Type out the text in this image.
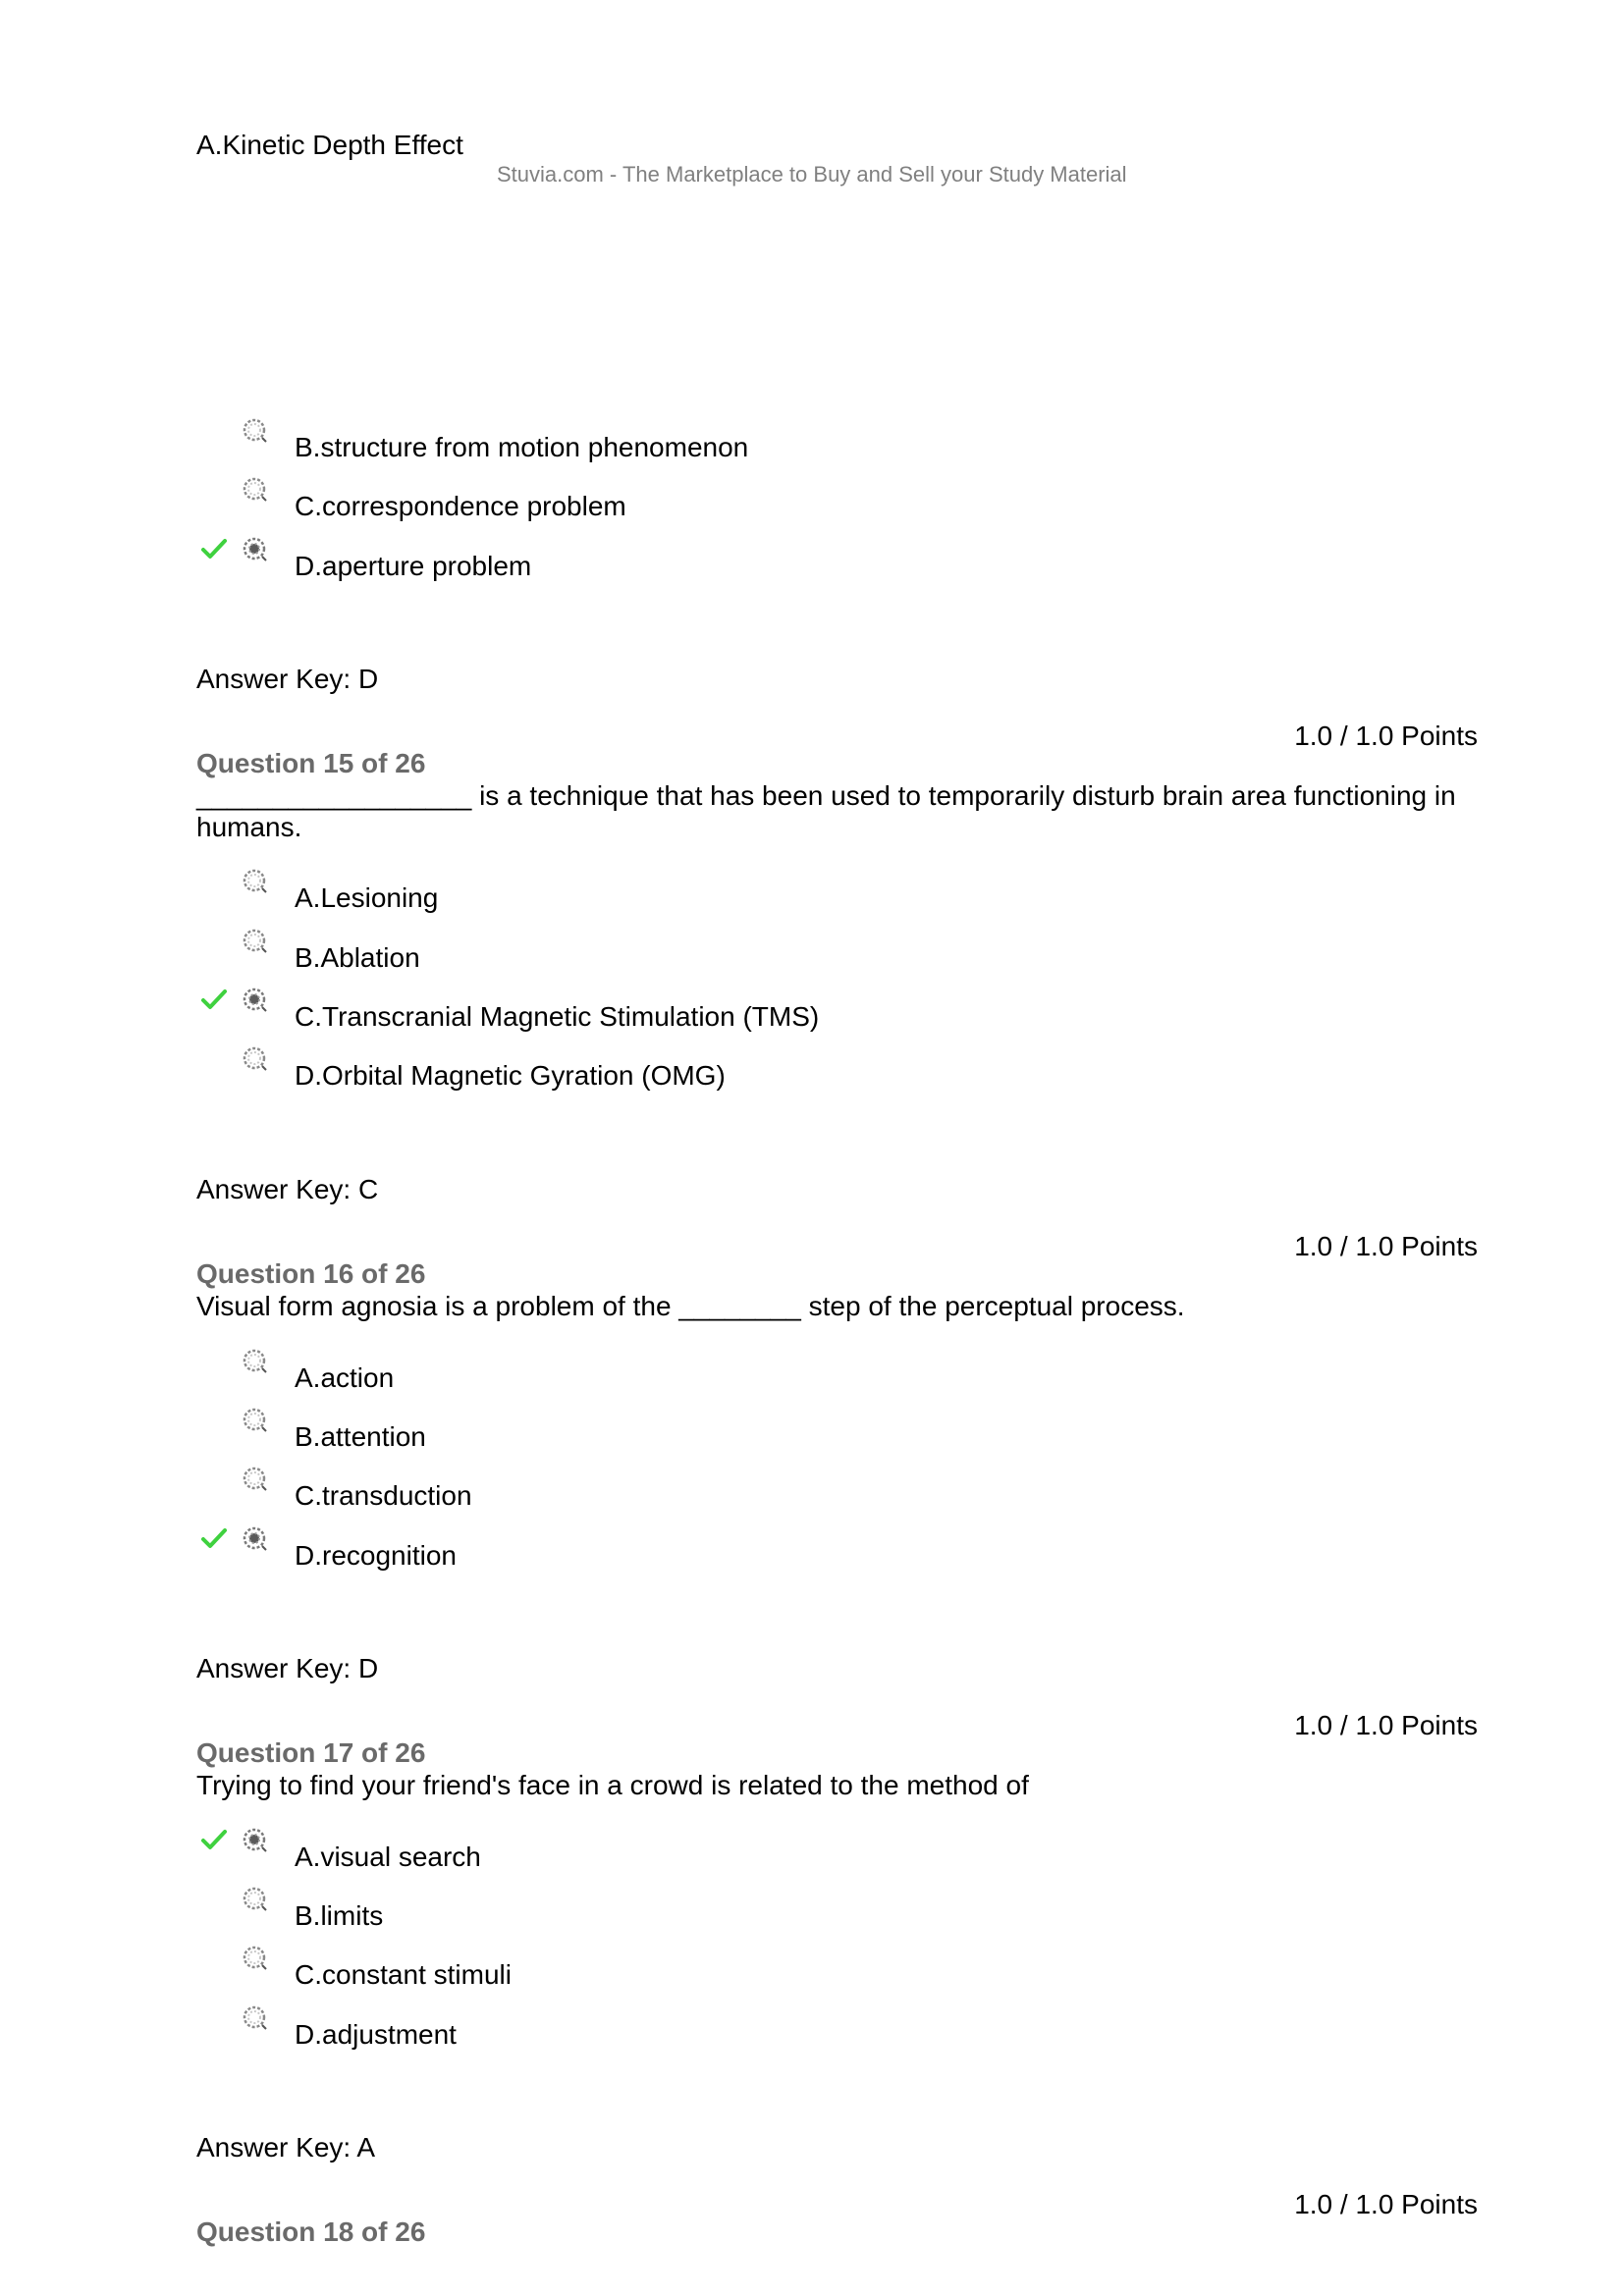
A.Kinetic Depth Effect
Stuvia.com - The Marketplace to Buy and Sell your Study Material
B.structure from motion phenomenon
C.correspondence problem
D.aperture problem
Answer Key: D
1.0 / 1.0 Points
Question 15 of 26
__________________ is a technique that has been used to temporarily disturb brain area functioning in humans.
A.Lesioning
B.Ablation
C.Transcranial Magnetic Stimulation (TMS)
D.Orbital Magnetic Gyration (OMG)
Answer Key: C
1.0 / 1.0 Points
Question 16 of 26
Visual form agnosia is a problem of the ________ step of the perceptual process.
A.action
B.attention
C.transduction
D.recognition
Answer Key: D
1.0 / 1.0 Points
Question 17 of 26
Trying to find your friend's face in a crowd is related to the method of
A.visual search
B.limits
C.constant stimuli
D.adjustment
Answer Key: A
1.0 / 1.0 Points
Question 18 of 26
